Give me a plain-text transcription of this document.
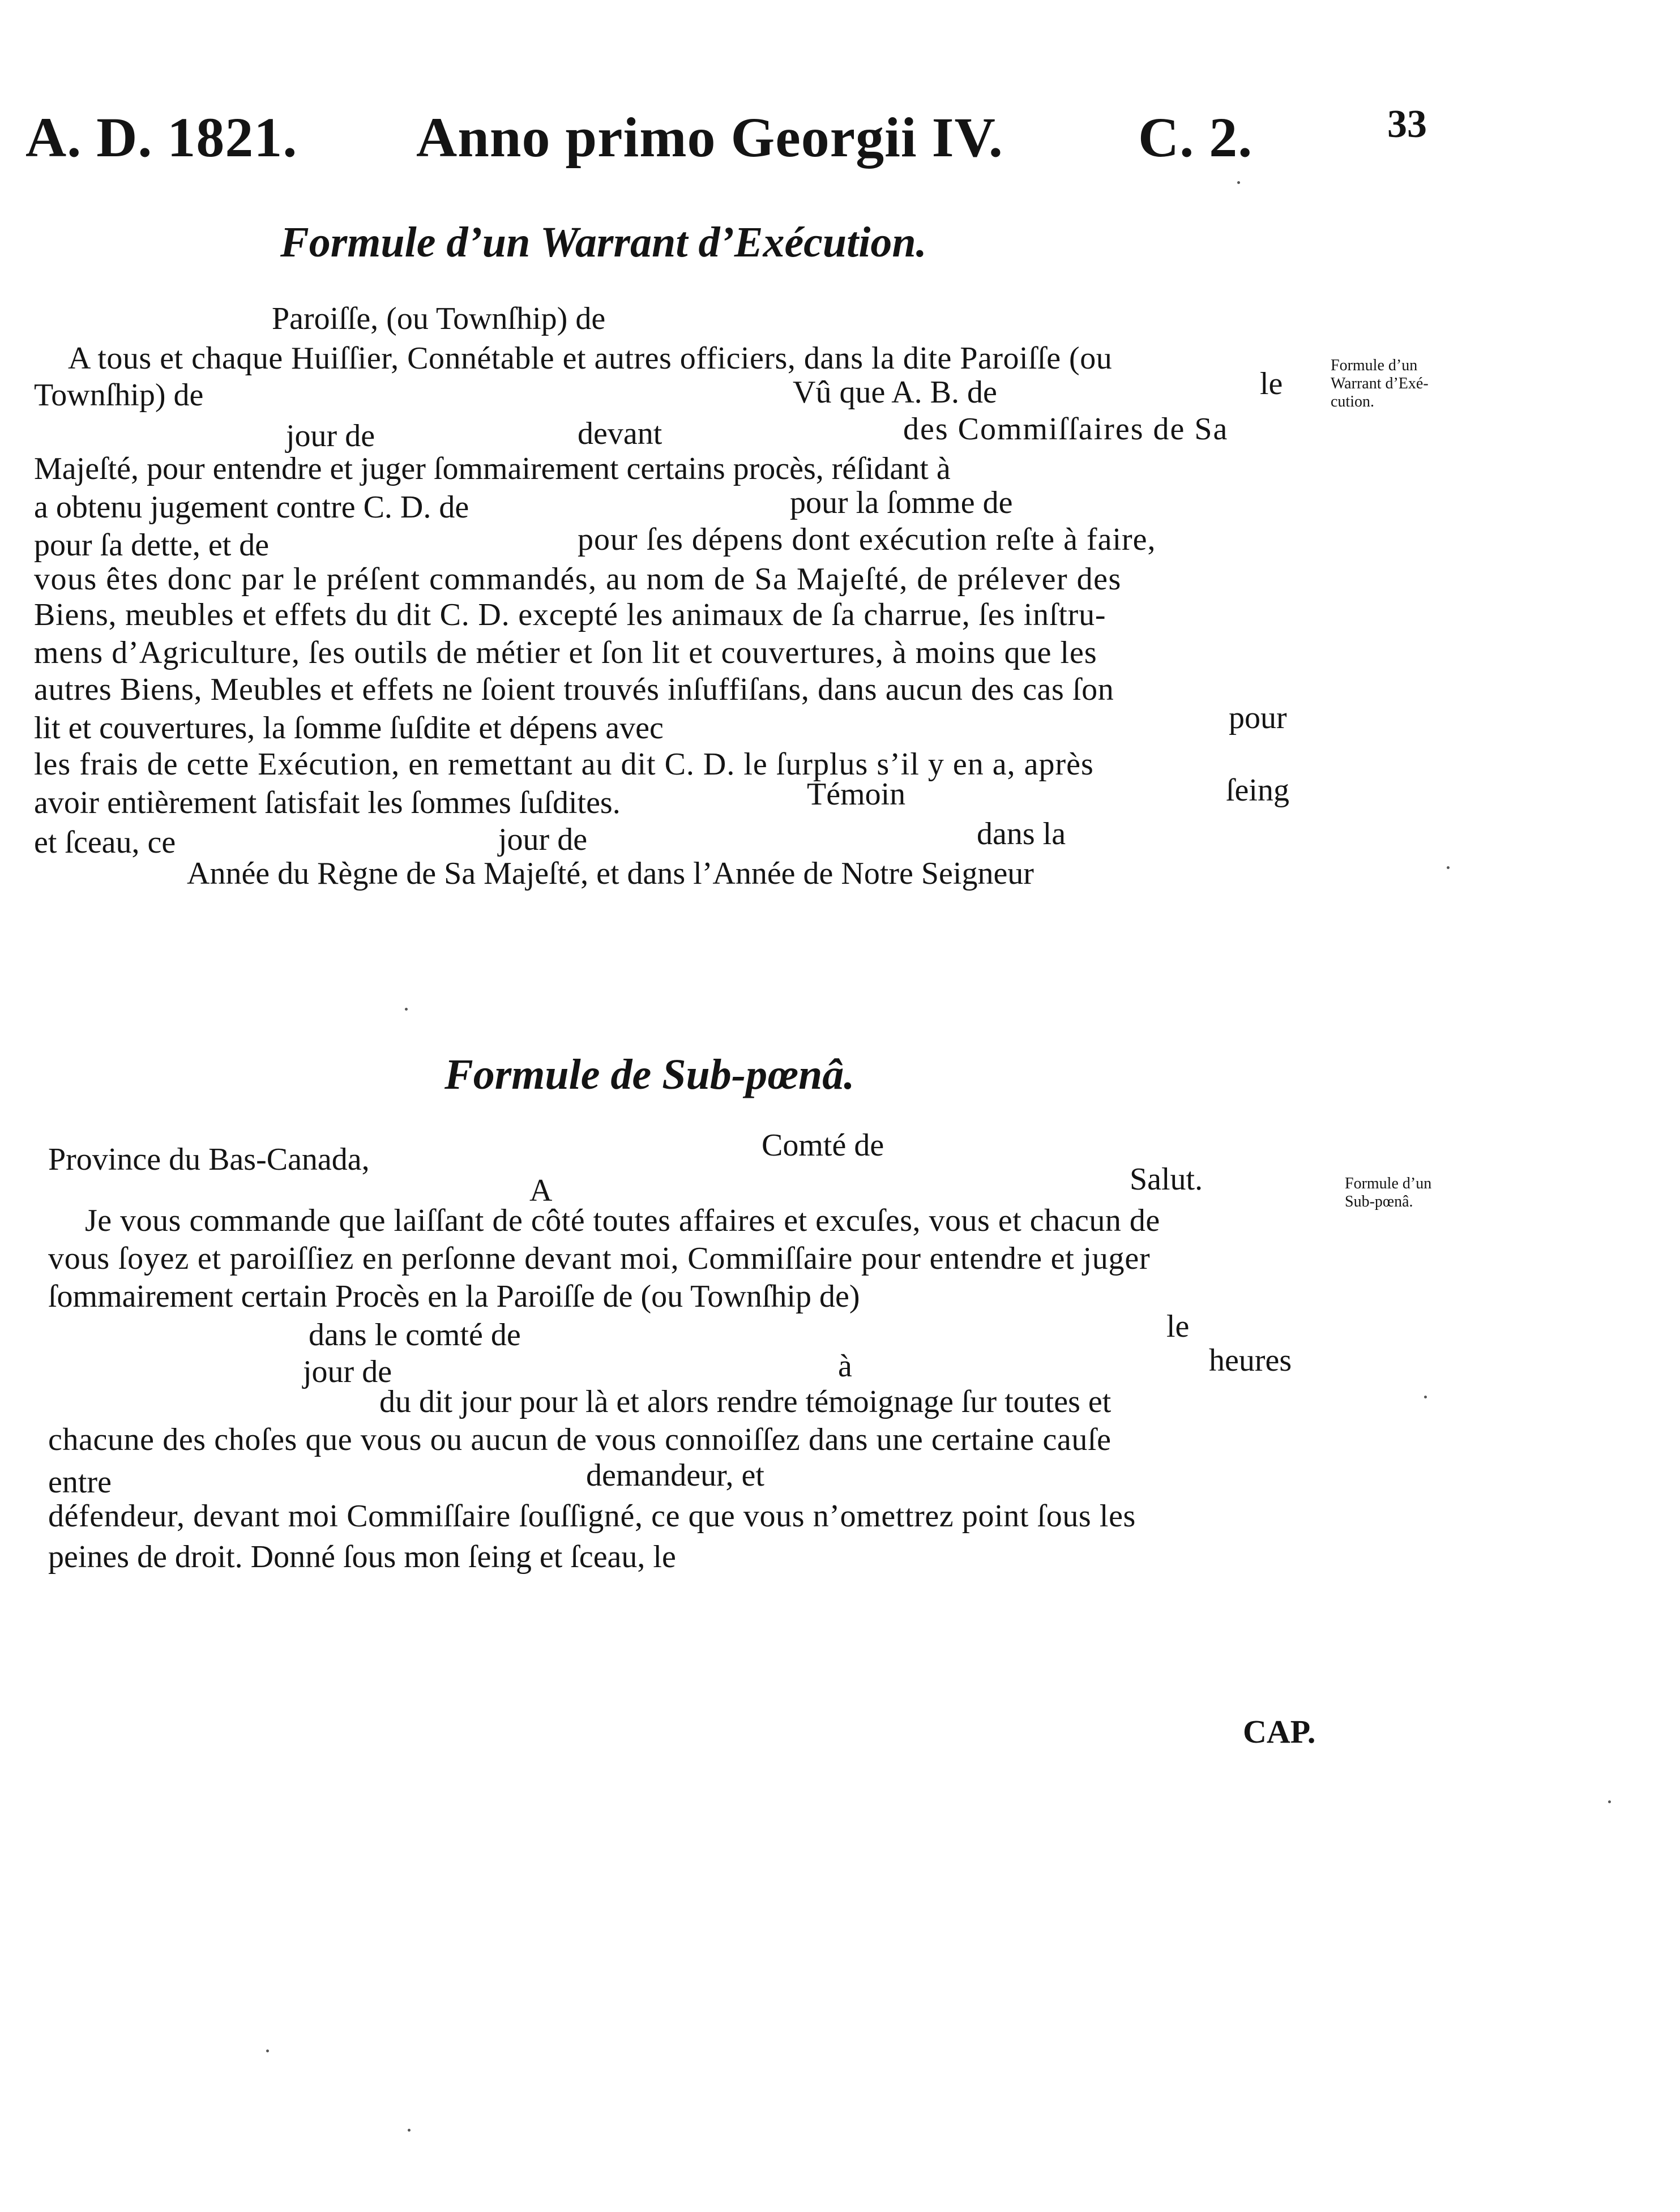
A. D. 1821. Anno primo Georgii IV. C. 2.	33
Formule d’un Warrant d’Exécution.
Paroiſſe, (ou Townſhip) de
A tous et chaque Huiſſier, Connétable et autres officiers, dans la dite Paroiſſe (ou
Townſhip) de	Vû que A. B. de	le
jour de	devant	des Commiſſaires de Sa
Majeſté, pour entendre et juger ſommairement certains procès, réſidant à
a obtenu jugement contre C. D. de	pour la ſomme de
pour ſa dette, et de	pour ſes dépens dont exécution reſte à faire,
vous êtes donc par le préſent commandés, au nom de Sa Majeſté, de prélever des
Biens, meubles et effets du dit C. D. excepté les animaux de ſa charrue, ſes inſtru-
mens d’Agriculture, ſes outils de métier et ſon lit et couvertures, à moins que les
autres Biens, Meubles et effets ne ſoient trouvés inſuffiſans, dans aucun des cas ſon
lit et couvertures, la ſomme ſuſdite et dépens avec	pour
les frais de cette Exécution, en remettant au dit C. D. le ſurplus s’il y en a, après
avoir entièrement ſatisfait les ſommes ſuſdites.	Témoin	ſeing
et ſceau, ce	jour de	dans la
Année du Règne de Sa Majeſté, et dans l’Année de Notre Seigneur
Formule d’un
Warrant d’Exé-
cution.
Formule de Sub-pœnâ.
Province du Bas-Canada,	Comté de
A	Salut.
Je vous commande que laiſſant de côté toutes affaires et excuſes, vous et chacun de
vous ſoyez et paroiſſiez en perſonne devant moi, Commiſſaire pour entendre et juger
ſommairement certain Procès en la Paroiſſe de (ou Townſhip de)
dans le comté de	le
jour de	à	heures
du dit jour pour là et alors rendre témoignage ſur toutes et
chacune des choſes que vous ou aucun de vous connoiſſez dans une certaine cauſe
entre	demandeur, et
défendeur, devant moi Commiſſaire ſouſſigné, ce que vous n’omettrez point ſous les
peines de droit. Donné ſous mon ſeing et ſceau, le
Formule d’un
Sub-pœnâ.
CAP.
